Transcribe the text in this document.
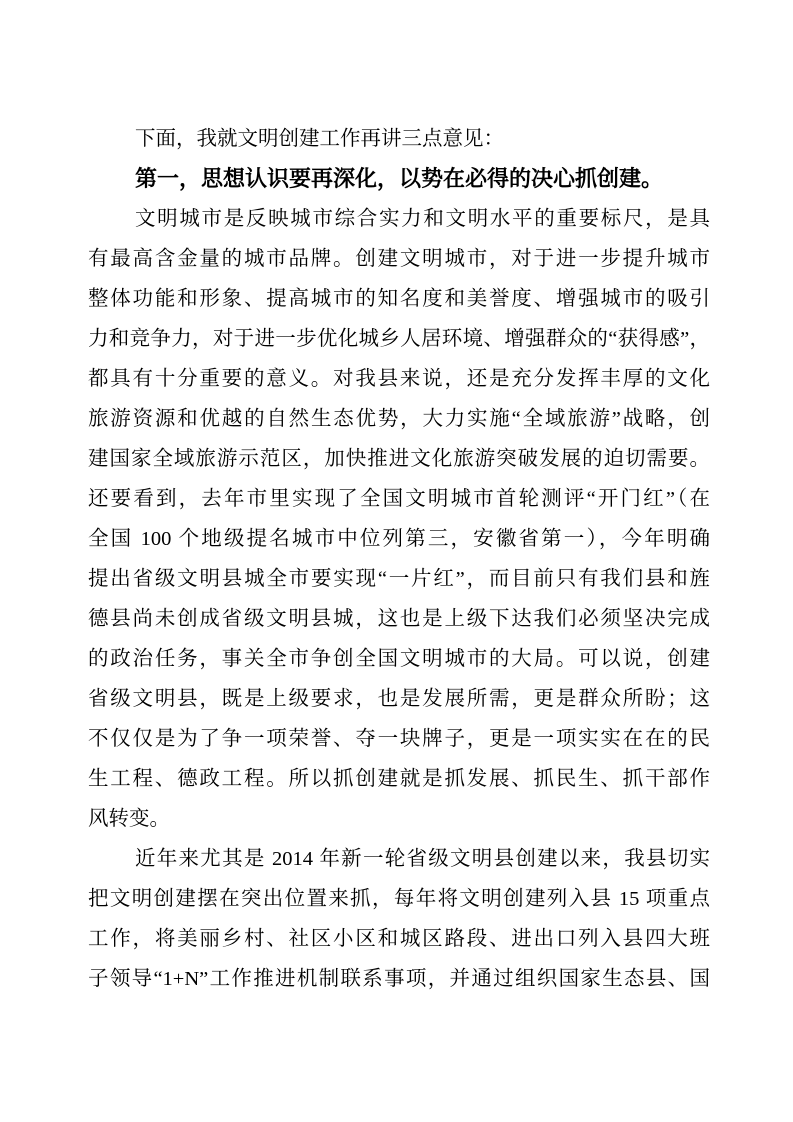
下面，我就文明创建工作再讲三点意见：
第一，思想认识要再深化，以势在必得的决心抓创建。
文明城市是反映城市综合实力和文明水平的重要标尺，是具
有最高含金量的城市品牌。创建文明城市，对于进一步提升城市
整体功能和形象、提高城市的知名度和美誉度、增强城市的吸引
力和竞争力，对于进一步优化城乡人居环境、增强群众的“获得感”，
都具有十分重要的意义。对我县来说，还是充分发挥丰厚的文化
旅游资源和优越的自然生态优势，大力实施“全域旅游”战略，创
建国家全域旅游示范区，加快推进文化旅游突破发展的迫切需要。
还要看到，去年市里实现了全国文明城市首轮测评“开门红”（在
全国 100 个地级提名城市中位列第三，安徽省第一），今年明确
提出省级文明县城全市要实现“一片红”，而目前只有我们县和旌
德县尚未创成省级文明县城，这也是上级下达我们必须坚决完成
的政治任务，事关全市争创全国文明城市的大局。可以说，创建
省级文明县，既是上级要求，也是发展所需，更是群众所盼；这
不仅仅是为了争一项荣誉、夺一块牌子，更是一项实实在在的民
生工程、德政工程。所以抓创建就是抓发展、抓民生、抓干部作
风转变。
近年来尤其是 2014 年新一轮省级文明县创建以来，我县切实
把文明创建摆在突出位置来抓，每年将文明创建列入县 15 项重点
工作，将美丽乡村、社区小区和城区路段、进出口列入县四大班
子领导“1+N”工作推进机制联系事项，并通过组织国家生态县、国
